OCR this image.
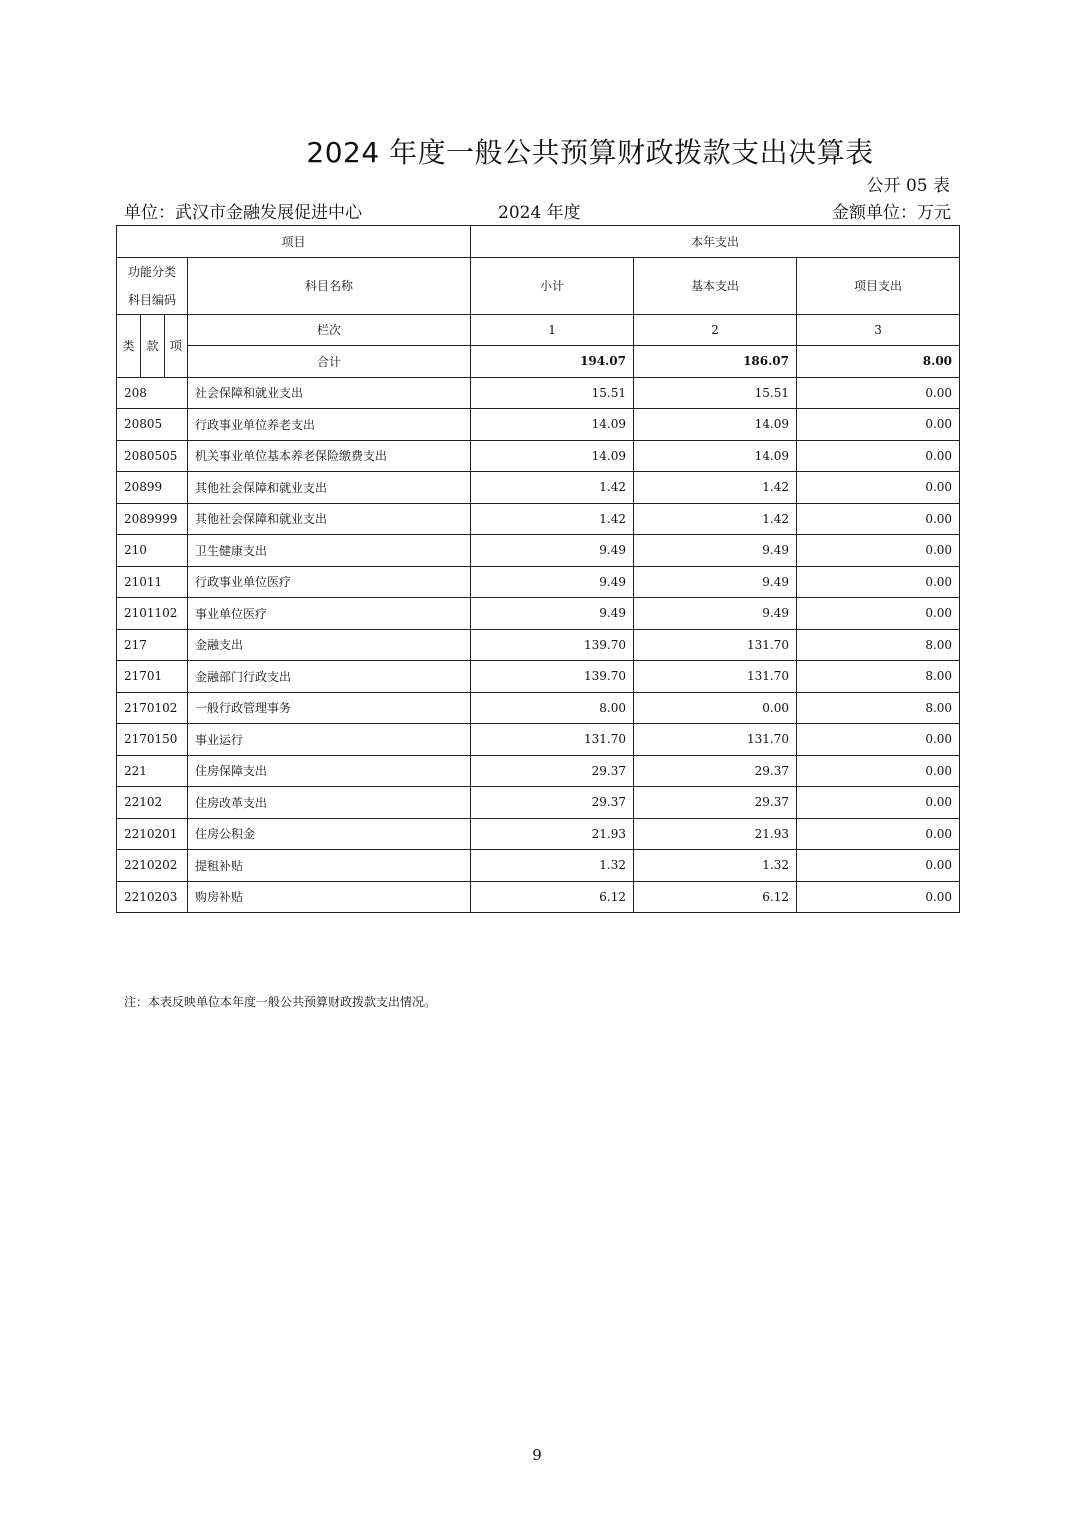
2024 年度一般公共预算财政拨款支出决算表
公开 05 表
单位：武汉市金融发展促进中心	2024 年度	金额单位：万元
项目				本年支出		

功能分类
科目编码			科目名称	小计	基本支出	项目支出
类	款	项	栏次	1	2	3
			合计	194.07	186.07	8.00
208			社会保障和就业支出	15.51	15.51	0.00
20805			行政事业单位养老支出	14.09	14.09	0.00
2080505			机关事业单位基本养老保险缴费支出	14.09	14.09	0.00
20899			其他社会保障和就业支出	1.42	1.42	0.00
2089999			其他社会保障和就业支出	1.42	1.42	0.00
210			卫生健康支出	9.49	9.49	0.00
21011			行政事业单位医疗	9.49	9.49	0.00
2101102			事业单位医疗	9.49	9.49	0.00
217			金融支出	139.70	131.70	8.00
21701			金融部门行政支出	139.70	131.70	8.00
2170102			一般行政管理事务	8.00	0.00	8.00
2170150			事业运行	131.70	131.70	0.00
221			住房保障支出	29.37	29.37	0.00
22102			住房改革支出	29.37	29.37	0.00
2210201			住房公积金	21.93	21.93	0.00
2210202			提租补贴	1.32	1.32	0.00
2210203			购房补贴	6.12	6.12	0.00
注：本表反映单位本年度一般公共预算财政拨款支出情况。
9
